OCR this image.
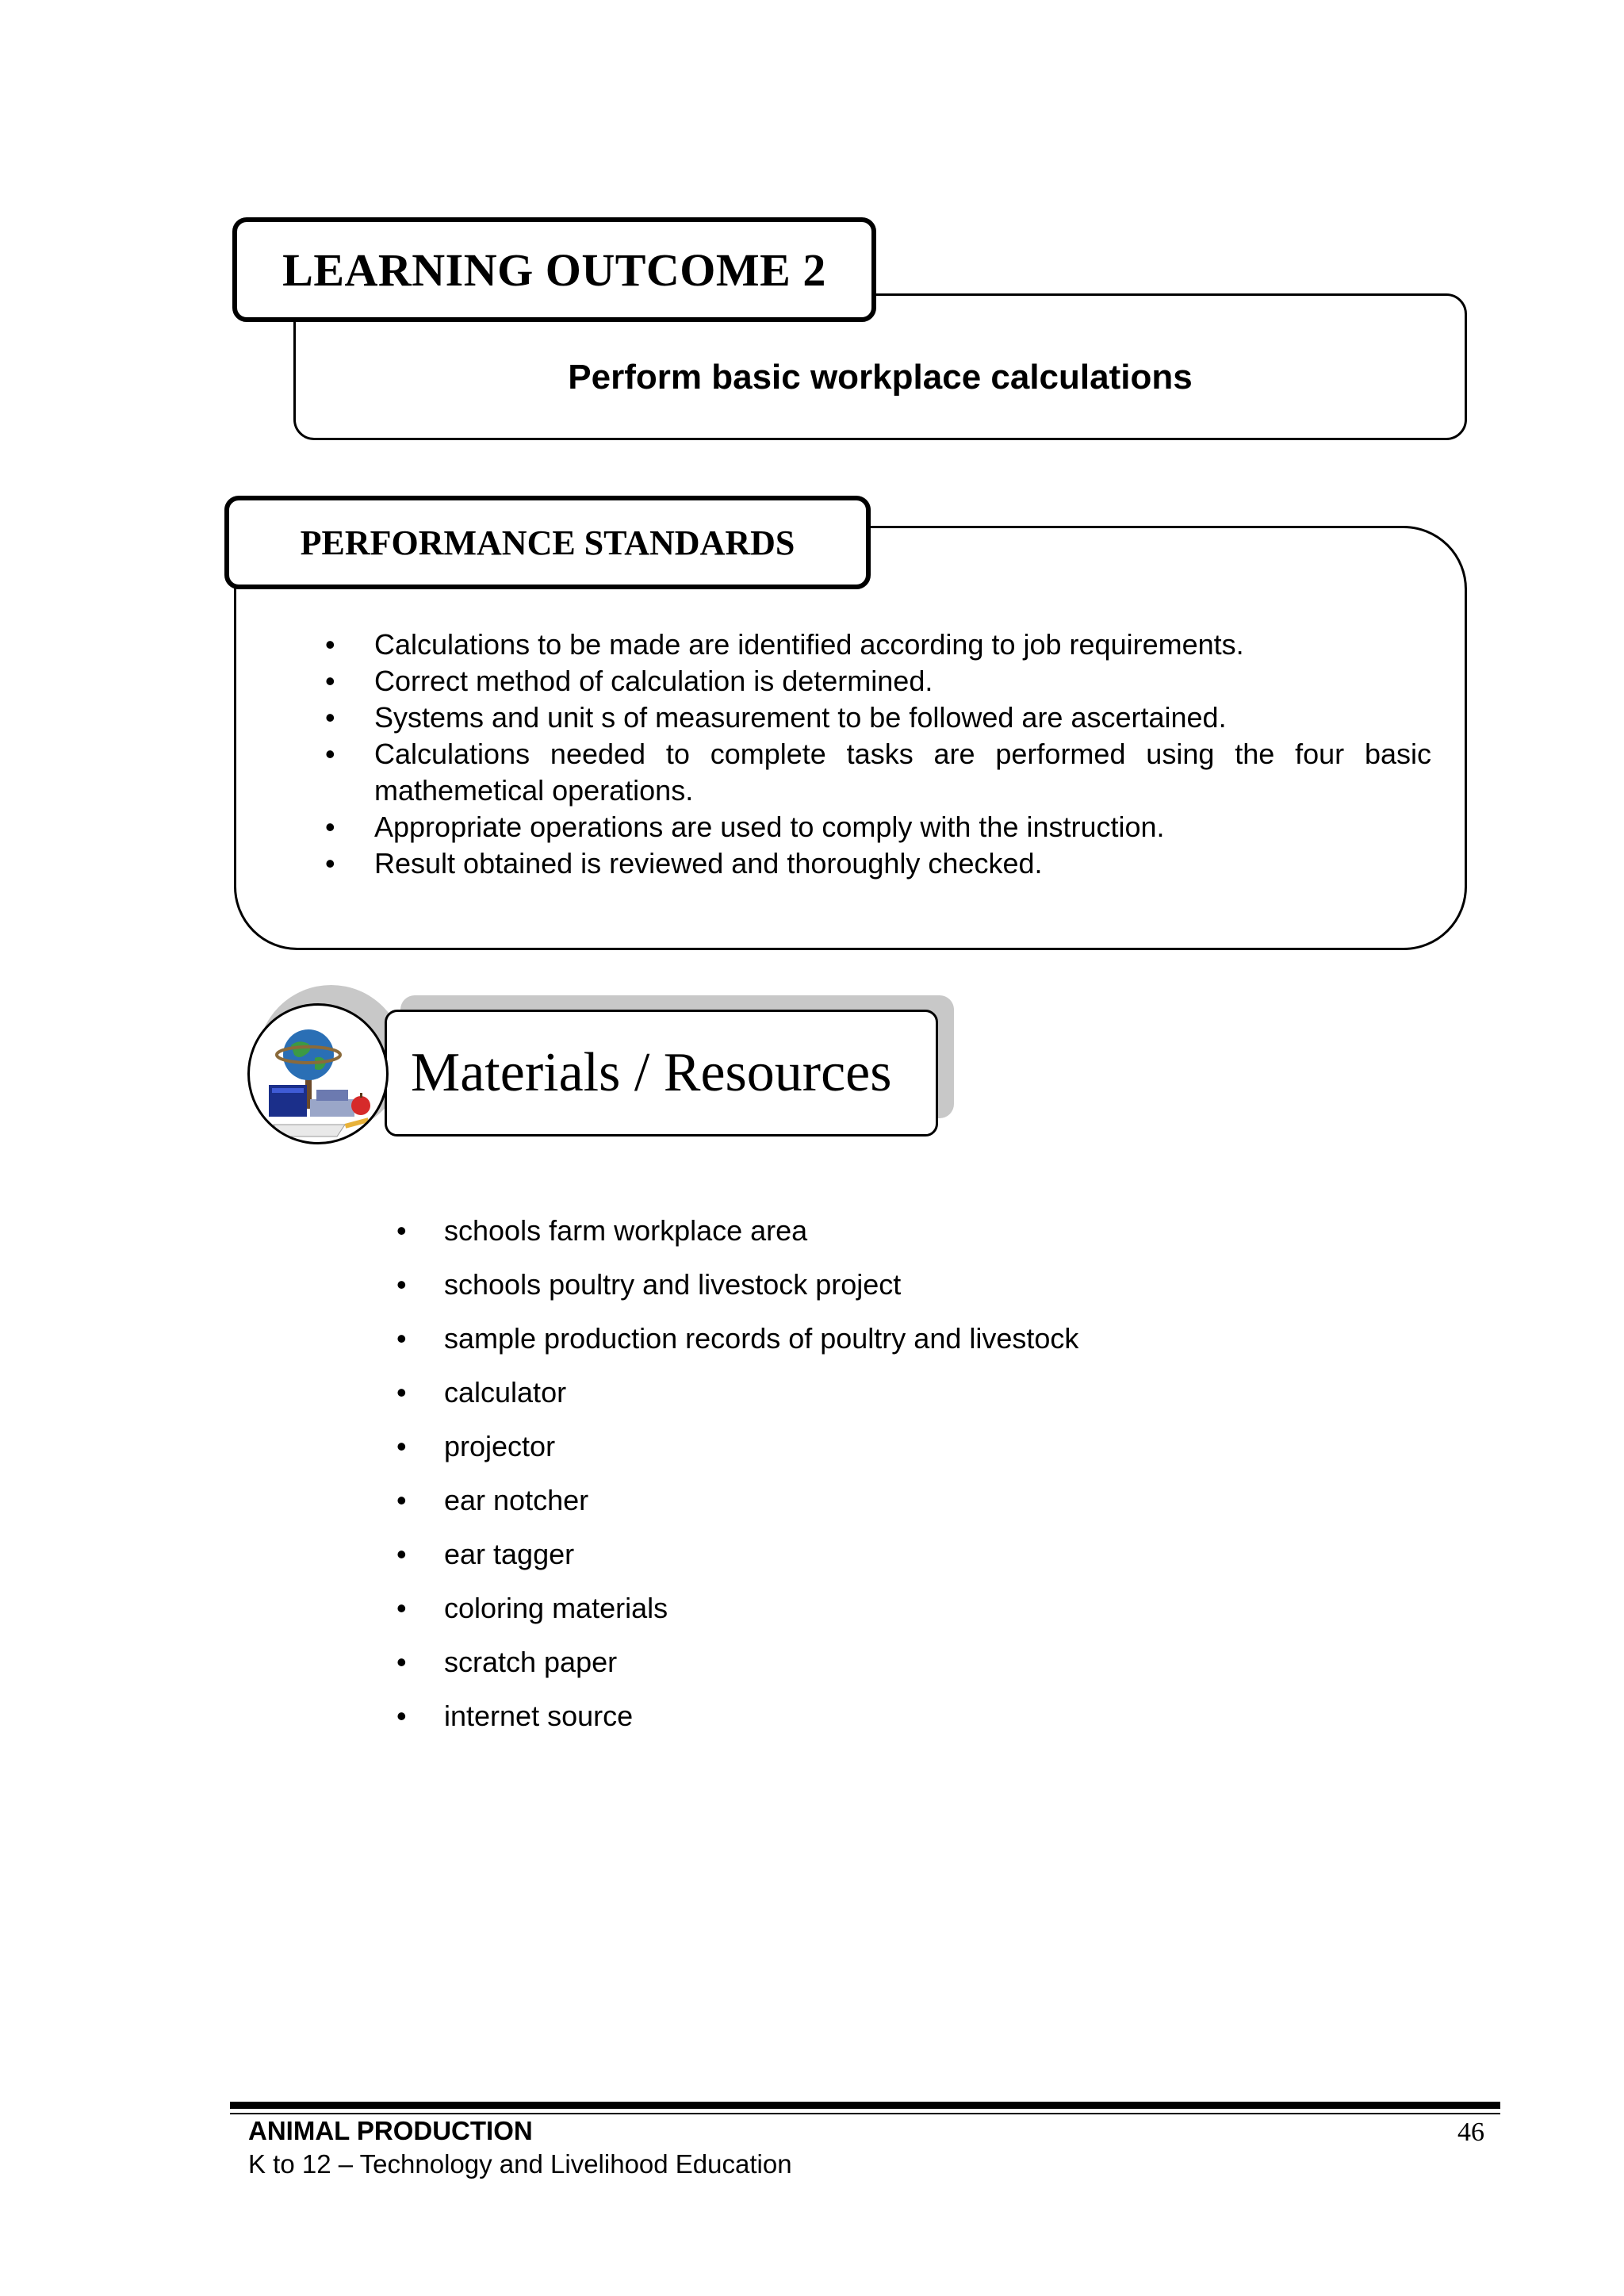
Perform basic workplace calculations
LEARNING OUTCOME 2
PERFORMANCE STANDARDS
• Calculations to be made are identified according to job requirements.
• Correct method of calculation is determined.
• Systems and unit s of measurement to be followed are ascertained.
• Calculations needed to complete tasks are performed using the four basic mathemetical operations.
• Appropriate operations are used to comply with the instruction.
• Result obtained is reviewed and thoroughly checked.
Materials / Resources
• schools farm workplace area
• schools poultry and livestock project
• sample production records of poultry and livestock
• calculator
• projector
• ear notcher
• ear tagger
• coloring materials
• scratch paper
• internet source
ANIMAL PRODUCTION
K to 12 – Technology and Livelihood Education
46
